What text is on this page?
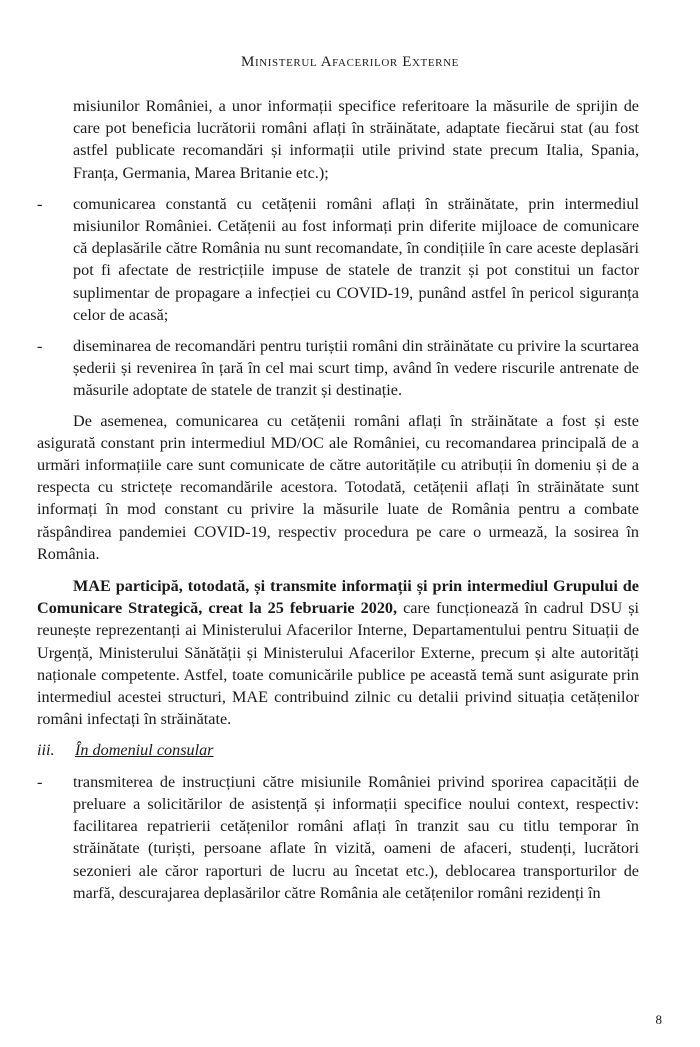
Ministerul Afacerilor Externe

misiunilor României, a unor informații specifice referitoare la măsurile de sprijin de care pot beneficia lucrătorii români aflați în străinătate, adaptate fiecărui stat (au fost astfel publicate recomandări și informații utile privind state precum Italia, Spania, Franța, Germania, Marea Britanie etc.);

-	comunicarea constantă cu cetățenii români aflați în străinătate, prin intermediul misiunilor României. Cetățenii au fost informați prin diferite mijloace de comunicare că deplasările către România nu sunt recomandate, în condițiile în care aceste deplasări pot fi afectate de restricțiile impuse de statele de tranzit și pot constitui un factor suplimentar de propagare a infecției cu COVID-19, punând astfel în pericol siguranța celor de acasă;

-	diseminarea de recomandări pentru turiștii români din străinătate cu privire la scurtarea șederii și revenirea în țară în cel mai scurt timp, având în vedere riscurile antrenate de măsurile adoptate de statele de tranzit și destinație.

De asemenea, comunicarea cu cetățenii români aflați în străinătate a fost și este asigurată constant prin intermediul MD/OC ale României, cu recomandarea principală de a urmări informațiile care sunt comunicate de către autoritățile cu atribuții în domeniu și de a respecta cu strictețe recomandările acestora. Totodată, cetățenii aflați în străinătate sunt informați în mod constant cu privire la măsurile luate de România pentru a combate răspândirea pandemiei COVID-19, respectiv procedura pe care o urmează, la sosirea în România.

MAE participă, totodată, și transmite informații și prin intermediul Grupului de Comunicare Strategică, creat la 25 februarie 2020, care funcționează în cadrul DSU și reunește reprezentanți ai Ministerului Afacerilor Interne, Departamentului pentru Situații de Urgență, Ministerului Sănătății și Ministerului Afacerilor Externe, precum și alte autorități naționale competente. Astfel, toate comunicările publice pe această temă sunt asigurate prin intermediul acestei structuri, MAE contribuind zilnic cu detalii privind situația cetățenilor români infectați în străinătate.

iii.	În domeniul consular

-	transmiterea de instrucțiuni către misiunile României privind sporirea capacității de preluare a solicitărilor de asistență și informații specifice noului context, respectiv: facilitarea repatrierii cetățenilor români aflați în tranzit sau cu titlu temporar în străinătate (turiști, persoane aflate în vizită, oameni de afaceri, studenți, lucrători sezonieri ale căror raporturi de lucru au încetat etc.), deblocarea transporturilor de marfă, descurajarea deplasărilor către România ale cetățenilor români rezidenți în

8
